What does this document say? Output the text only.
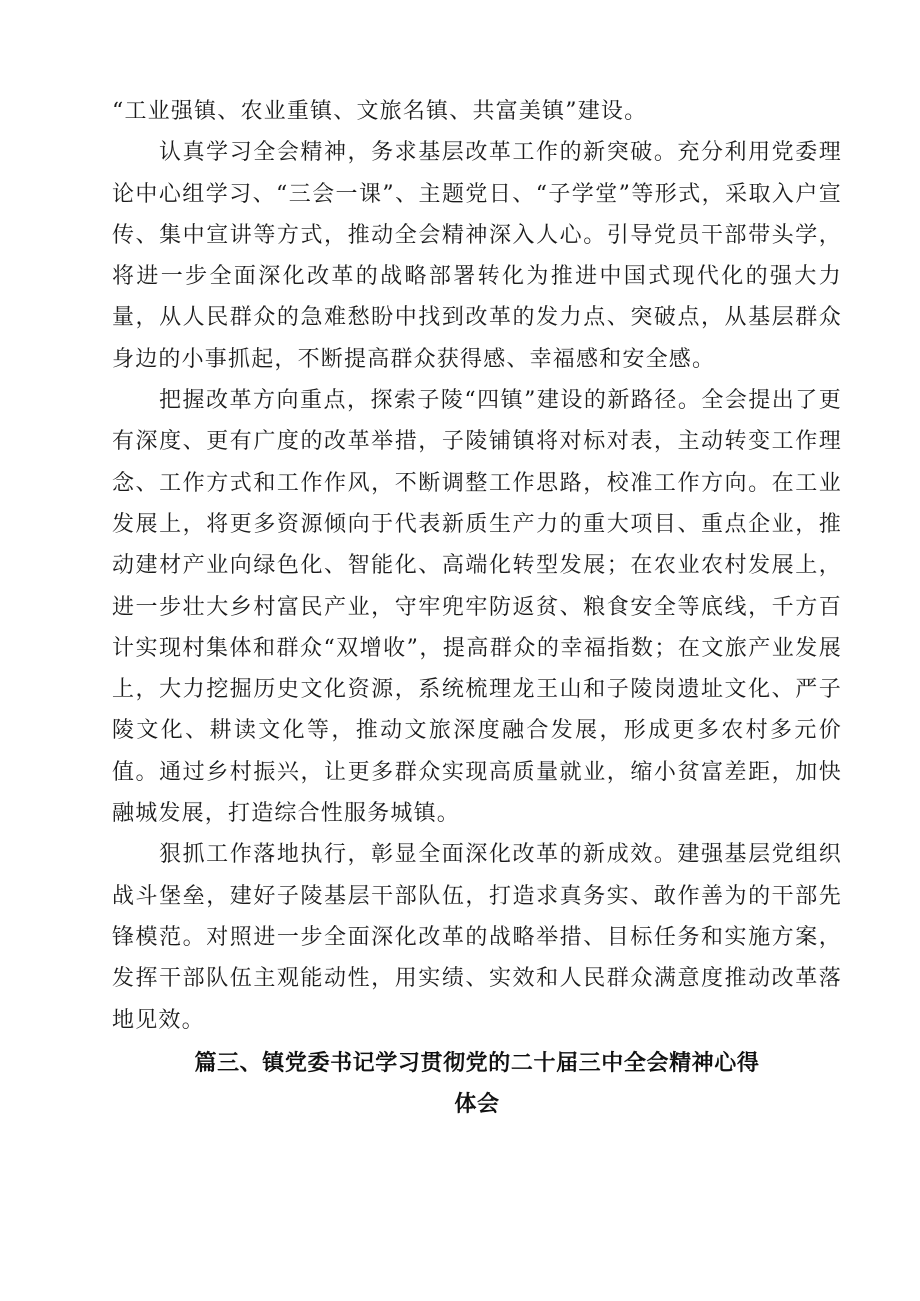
“工业强镇、农业重镇、文旅名镇、共富美镇”建设。

认真学习全会精神，务求基层改革工作的新突破。充分利用党委理论中心组学习、“三会一课”、主题党日、“子学堂”等形式，采取入户宣传、集中宣讲等方式，推动全会精神深入人心。引导党员干部带头学，将进一步全面深化改革的战略部署转化为推进中国式现代化的强大力量，从人民群众的急难愁盼中找到改革的发力点、突破点，从基层群众身边的小事抓起，不断提高群众获得感、幸福感和安全感。

把握改革方向重点，探索子陵“四镇”建设的新路径。全会提出了更有深度、更有广度的改革举措，子陵铺镇将对标对表，主动转变工作理念、工作方式和工作作风，不断调整工作思路，校准工作方向。在工业发展上，将更多资源倾向于代表新质生产力的重大项目、重点企业，推动建材产业向绿色化、智能化、高端化转型发展；在农业农村发展上，进一步壮大乡村富民产业，守牢兜牢防返贫、粮食安全等底线，千方百计实现村集体和群众“双增收”，提高群众的幸福指数；在文旅产业发展上，大力挖掘历史文化资源，系统梳理龙王山和子陵岗遗址文化、严子陵文化、耕读文化等，推动文旅深度融合发展，形成更多农村多元价值。通过乡村振兴，让更多群众实现高质量就业，缩小贫富差距，加快融城发展，打造综合性服务城镇。

狠抓工作落地执行，彰显全面深化改革的新成效。建强基层党组织战斗堡垒，建好子陵基层干部队伍，打造求真务实、敢作善为的干部先锋模范。对照进一步全面深化改革的战略举措、目标任务和实施方案，发挥干部队伍主观能动性，用实绩、实效和人民群众满意度推动改革落地见效。

篇三、镇党委书记学习贯彻党的二十届三中全会精神心得
体会
